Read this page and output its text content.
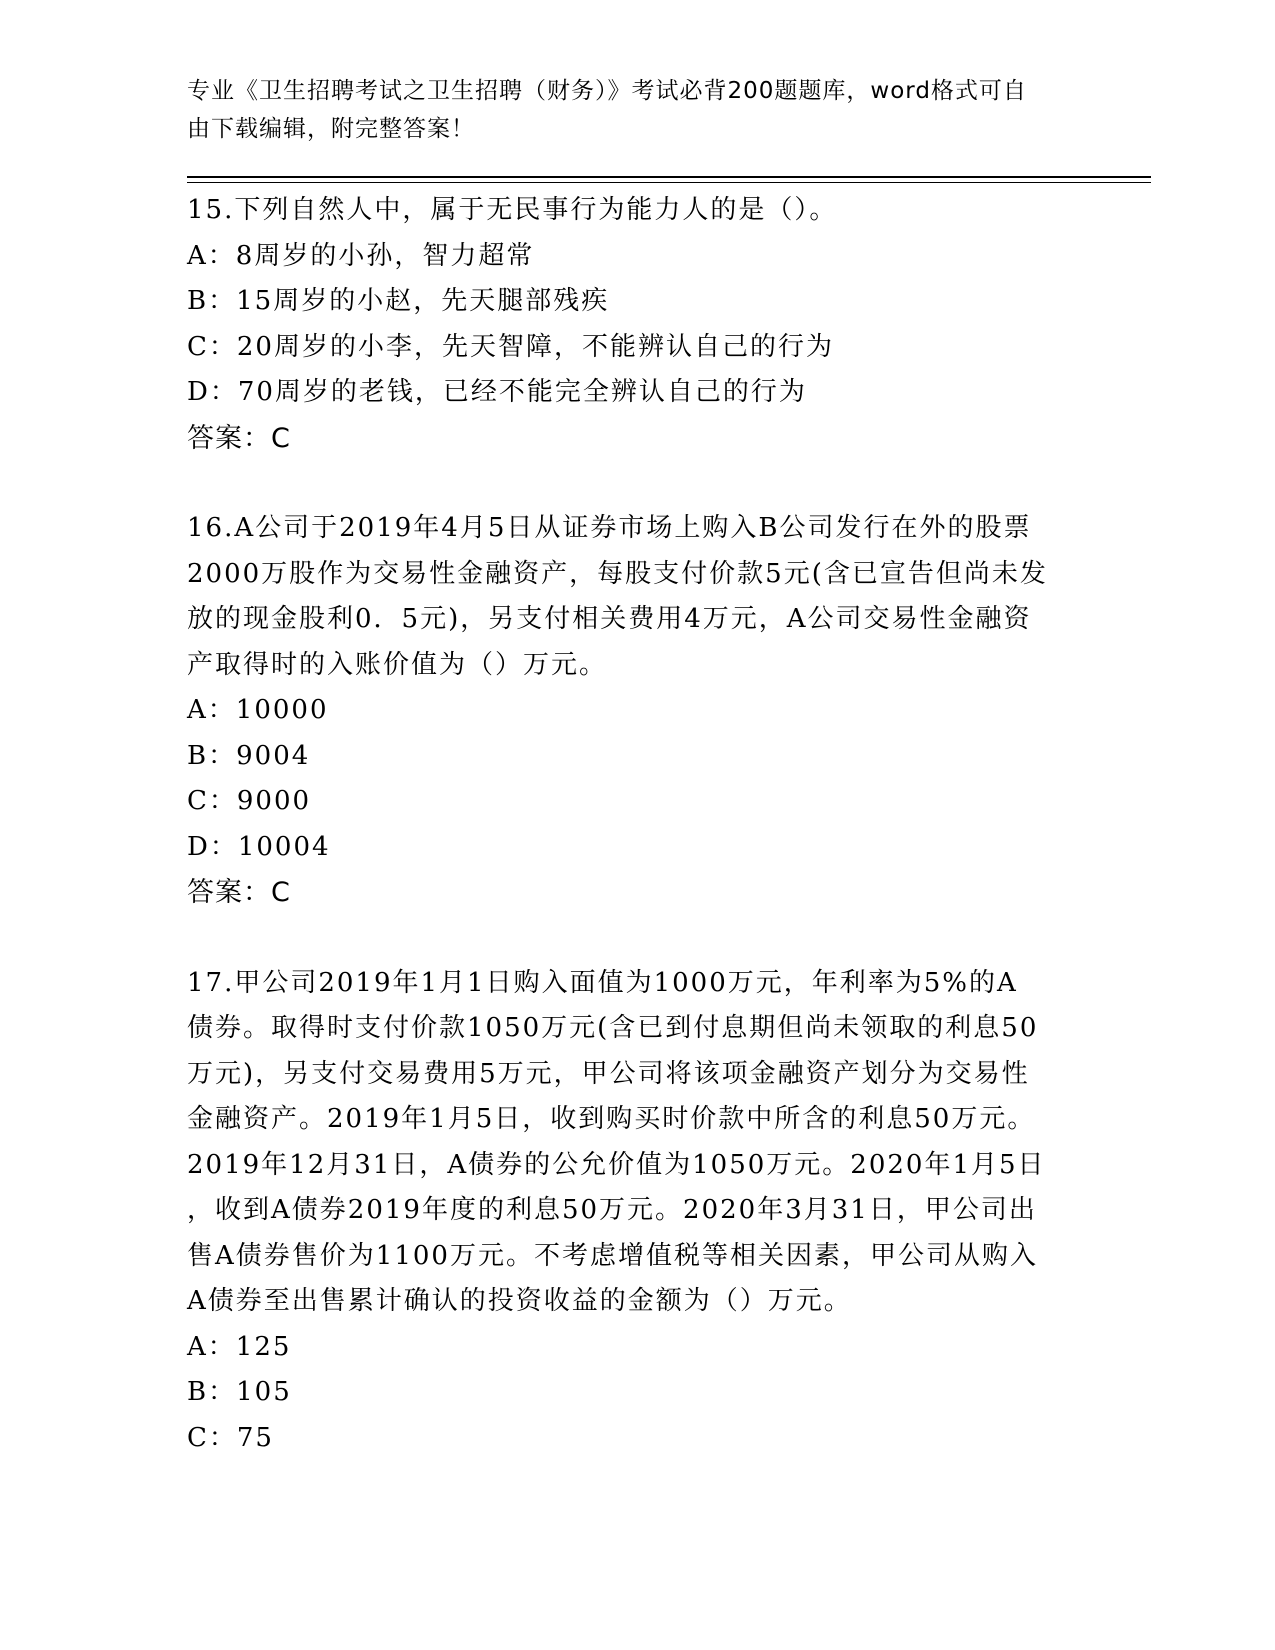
专业《卫生招聘考试之卫生招聘（财务）》考试必背200题题库，word格式可自
由下载编辑，附完整答案！
15.下列自然人中，属于无民事行为能力人的是（）。
A：8周岁的小孙，智力超常
B：15周岁的小赵，先天腿部残疾
C：20周岁的小李，先天智障，不能辨认自己的行为
D：70周岁的老钱，已经不能完全辨认自己的行为
答案：C
16.A公司于2019年4月5日从证券市场上购入B公司发行在外的股票
2000万股作为交易性金融资产，每股支付价款5元(含已宣告但尚未发
放的现金股利0．5元)，另支付相关费用4万元，A公司交易性金融资
产取得时的入账价值为（）万元。
A：10000
B：9004
C：9000
D：10004
答案：C
17.甲公司2019年1月1日购入面值为1000万元，年利率为5%的A
债券。取得时支付价款1050万元(含已到付息期但尚未领取的利息50
万元)，另支付交易费用5万元，甲公司将该项金融资产划分为交易性
金融资产。2019年1月5日，收到购买时价款中所含的利息50万元。
2019年12月31日，A债券的公允价值为1050万元。2020年1月5日
，收到A债券2019年度的利息50万元。2020年3月31日，甲公司出
售A债券售价为1100万元。不考虑增值税等相关因素，甲公司从购入
A债券至出售累计确认的投资收益的金额为（）万元。
A：125
B：105
C：75
